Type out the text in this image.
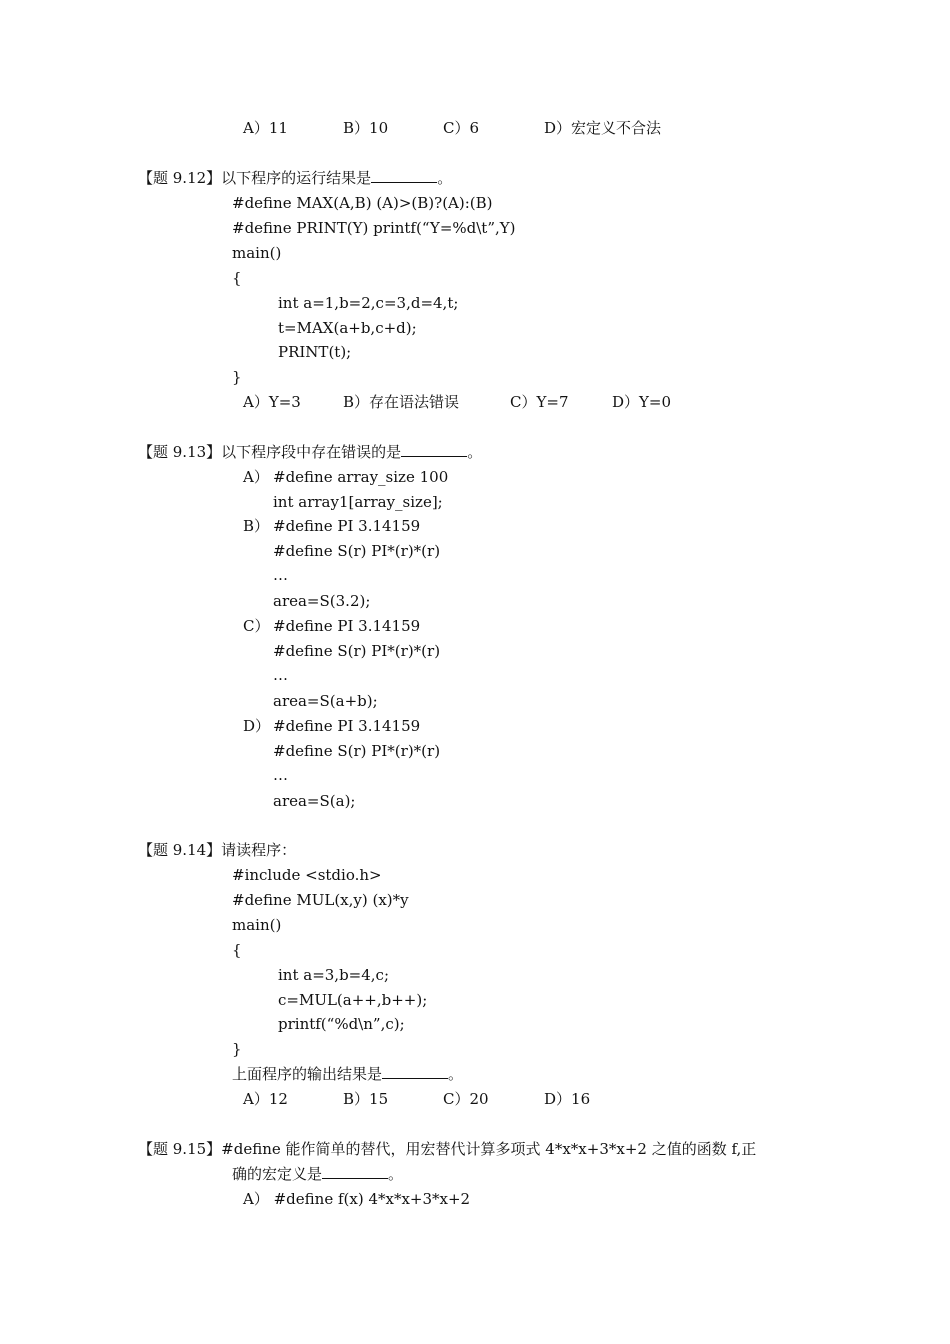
A）11	B）10	C）6	D）宏定义不合法
【题 9.12】以下程序的运行结果是	。
#define MAX(A,B) (A)>(B)?(A):(B)
#define PRINT(Y) printf(“Y=%d\t”,Y)
main()
{
int a=1,b=2,c=3,d=4,t;
t=MAX(a+b,c+d);
PRINT(t);
}
A）Y=3	B）存在语法错误	C）Y=7	D）Y=0
【题 9.13】以下程序段中存在错误的是	。
A） #define array_size 100
int array1[array_size];
B） #define PI 3.14159
#define S(r) PI*(r)*(r)
…
area=S(3.2);
C） #define PI 3.14159
#define S(r) PI*(r)*(r)
…
area=S(a+b);
D） #define PI 3.14159
#define S(r) PI*(r)*(r)
…
area=S(a);
【题 9.14】请读程序：
#include <stdio.h>
#define MUL(x,y) (x)*y
main()
{
int a=3,b=4,c;
c=MUL(a++,b++);
printf(“%d\n”,c);
}
上面程序的输出结果是	。
A）12	B）15	C）20	D）16
【题 9.15】#define 能作简单的替代，用宏替代计算多项式 4*x*x+3*x+2 之值的函数 f,正
确的宏定义是	。
A） #define f(x) 4*x*x+3*x+2
